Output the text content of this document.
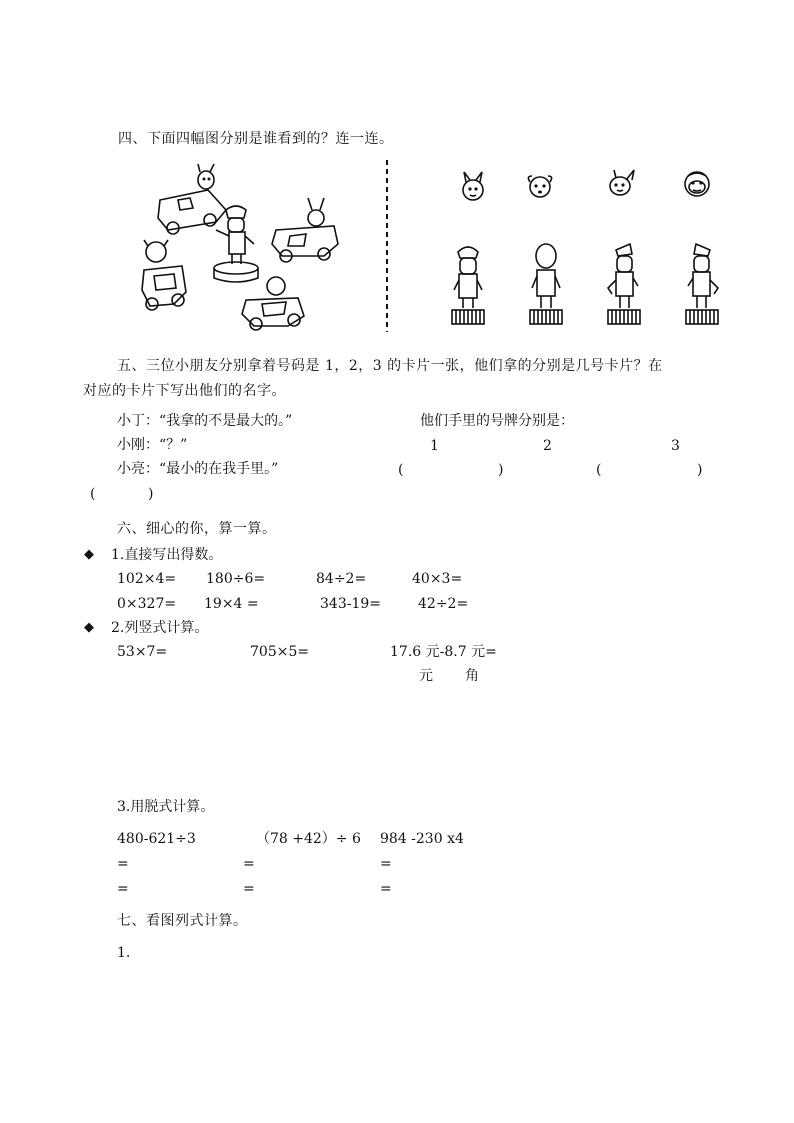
四、下面四幅图分别是谁看到的？连一连。
五、三位小朋友分别拿着号码是 1，2，3 的卡片一张，他们拿的分别是几号卡片？在
对应的卡片下写出他们的名字。
小丁：“我拿的不是最大的。”	他们手里的号牌分别是：
小刚：“？”	1	2	3
小亮：“最小的在我手里。”	(	)	(	)
(	)
六、细心的你，算一算。
◆ 1.直接写出得数。
102×4= 180÷6=	84÷2=	40×3=
0×327= 19×4 =	343-19=	42÷2=
◆ 2.列竖式计算。
53×7=	705×5=	17.6 元-8.7 元=
元 角
3.用脱式计算。
480-621÷3	（78 +42）÷ 6 984 -230 x4
=	=	=
=	=	=
七、看图列式计算。
1.
